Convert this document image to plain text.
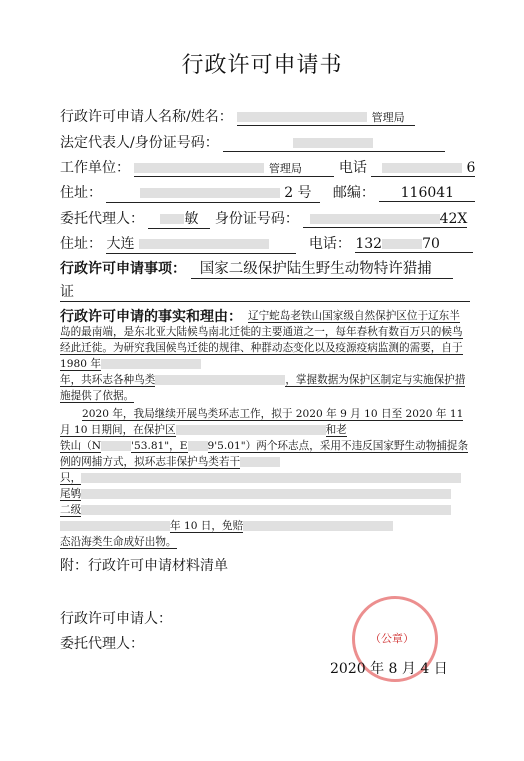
行政许可申请书
行政许可申请人名称/姓名：	管理局
法定代表人/身份证号码：
工作单位：	管理局	电话	6
住址：	2 号 邮编： 116041
委托代理人：	敏 身份证号码：	42X
住址： 大连	电话： 132	70
行政许可申请事项： 国家二级保护陆生野生动物特许猎捕
证
行政许可申请的事实和理由： 辽宁蛇岛老铁山国家级自然保护区位于辽东半岛的最南端，是东北亚大陆候鸟南北迁徙的主要通道之一，每年春秋有数百万只的候鸟经此迁徙。为研究我国候鸟迁徙的规律、种群动态变化以及疫源疫病监测的需要，自于 1980 年
年，共环志各种鸟类	，掌握数据为保护区制定与实施保护措施提供了依据。
2020 年，我局继续开展鸟类环志工作，拟于 2020 年 9 月 10 日至 2020 年 11 月 10 日期间，在保护区	和老
铁山（N	'53.81"，E 9'5.01"）两个环志点，采用不违反国家野生动物捕捉条例的网捕方式，拟环志非保护鸟类若干
只，
尾鸲
二级
年 10 日，免赔
态沿海类生命成好出物。
附：行政许可申请材料清单
行政许可申请人：
委托代理人：	（公章）
2020 年 8 月 4 日
